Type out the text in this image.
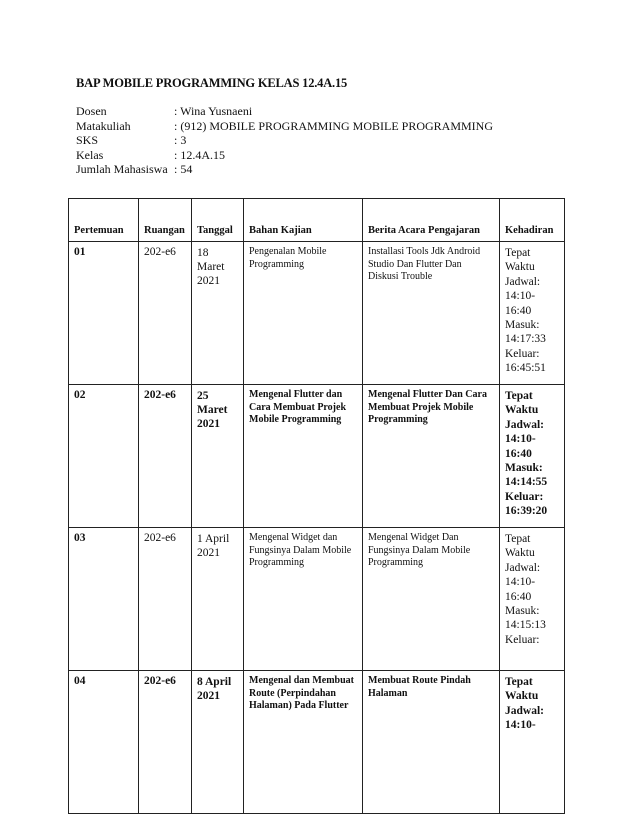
BAP MOBILE PROGRAMMING KELAS 12.4A.15
Dosen	: Wina Yusnaeni
Matakuliah	: (912) MOBILE PROGRAMMING MOBILE PROGRAMMING
SKS	: 3
Kelas	: 12.4A.15
Jumlah Mahasiswa : 54
Pertemuan	Ruangan	Tanggal	Bahan Kajian	Berita Acara Pengajaran	Kehadiran
01	202-e6	18 Maret 2021	Pengenalan Mobile Programming	Installasi Tools Jdk Android Studio Dan Flutter Dan Diskusi Trouble	Tepat Waktu Jadwal: 14:10-16:40 Masuk: 14:17:33 Keluar: 16:45:51
02	202-e6	25 Maret 2021	Mengenal Flutter dan Cara Membuat Projek Mobile Programming	Mengenal Flutter Dan Cara Membuat Projek Mobile Programming	Tepat Waktu Jadwal: 14:10-16:40 Masuk: 14:14:55 Keluar: 16:39:20
03	202-e6	1 April 2021	Mengenal Widget dan Fungsinya Dalam Mobile Programming	Mengenal Widget Dan Fungsinya Dalam Mobile Programming	Tepat Waktu Jadwal: 14:10-16:40 Masuk: 14:15:13 Keluar:
04	202-e6	8 April 2021	Mengenal dan Membuat Route (Perpindahan Halaman) Pada Flutter	Membuat Route Pindah Halaman	Tepat Waktu Jadwal: 14:10-
